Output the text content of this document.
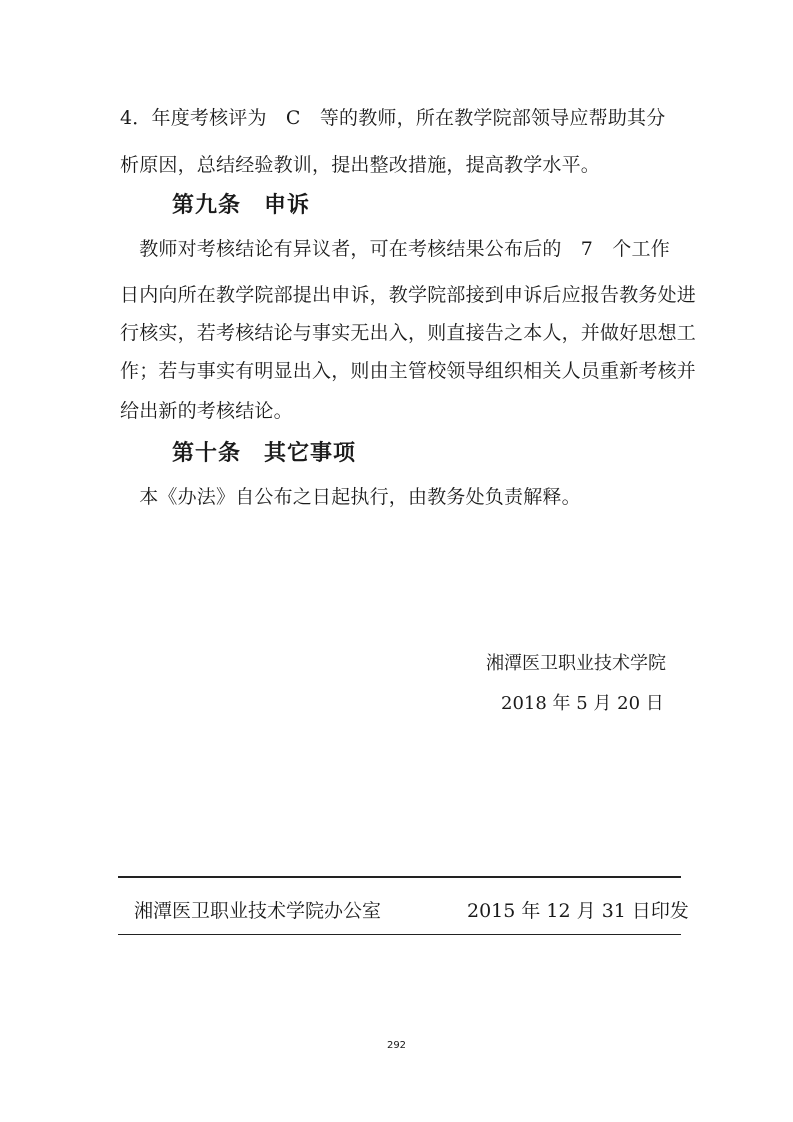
4．年度考核评为　C　等的教师，所在教学院部领导应帮助其分
析原因，总结经验教训，提出整改措施，提高教学水平。
第九条　申诉
　教师对考核结论有异议者，可在考核结果公布后的　7　个工作
日内向所在教学院部提出申诉，教学院部接到申诉后应报告教务处进
行核实，若考核结论与事实无出入，则直接告之本人，并做好思想工
作；若与事实有明显出入，则由主管校领导组织相关人员重新考核并
给出新的考核结论。
第十条　其它事项
　本《办法》自公布之日起执行，由教务处负责解释。
湘潭医卫职业技术学院
2018 年 5 月 20 日
湘潭医卫职业技术学院办公室	2015 年 12 月 31 日印发
292
